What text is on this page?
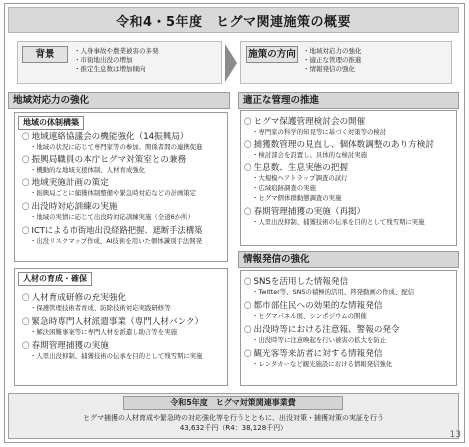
令和4・5年度　ヒグマ関連施策の概要
背景	・ 人身事故や農業被害の多発
・ 市街地出没の増加
・ 推定生息数は増加傾向
施策の方向	・ 地域対応力の強化
・ 適正な管理の推進
・ 情報発信の強化
地域対応力の強化
地域の体制構築
〇 地域連絡協議会の機能強化（14振興局）
・ 地域の状況に応じて専門家等の参加、関係者間の連携促進
〇 振興局職員の本庁ヒグマ対策室との兼務
・ 機動的な地域支援体制、人材育成強化
〇 地域実施計画の策定
・ 振興局ごとに捕獲体制整備や緊急時対応などの計画策定
〇 出没時対応訓練の実施
・ 地域の実情に応じて出没時対応訓練実施（全道6か所）
〇 ICTによる市街地出没経路把握、遮断手法構築
・ 出没リスクマップ作成、AI技術を用いた個体識別手法開発
人材の育成・確保
〇 人材育成研修の充実強化
・ 保護管理技術者育成、防除技術対応実践研修等
〇 緊急時専門人材派遣事業（専門人材バンク）
・ 解決困難事案等に専門人材を派遣し助言等を実施
〇 春期管理捕獲の実施
・ 人里出没抑制、捕獲技術の伝承を目的として残雪期に実施
適正な管理の推進
〇 ヒグマ保護管理検討会の開催
・ 専門家の科学的知見等に基づく対策等の検討
〇 捕獲数管理の見直し、個体数調整のあり方検討
・ 検討部会を設置し、具体的な検討実施
〇 生息数、生息実態の把握
・ 大規模ヘアトラップ調査の試行
・ 広域痕跡調査の実施
・ ヒグマ個体群動態調査の実施
〇 春期管理捕獲の実施（再掲）
・ 人里出没抑制、捕獲技術の伝承を目的として残雪期に実施
情報発信の強化
〇 SNSを活用した情報発信
・ Twitter等、SNSの積極的活用、啓発動画の作成、配信
〇 都市部住民への効果的な情報発信
・ ヒグマパネル展、シンポジウムの開催
〇 出没時等における注意報、警報の発令
・ 出没時等に注意喚起を行い被害の拡大を防止
〇 観光客等来訪者に対する情報発信
・ レンタカーなど観光施設における情報発信強化
令和5年度　ヒグマ対策関連事業費
ヒグマ捕獲の人材育成や緊急時の対応強化等を行うとともに、出没対策・捕獲対策の実証を行う
43,632千円（R4：38,128千円）
13
